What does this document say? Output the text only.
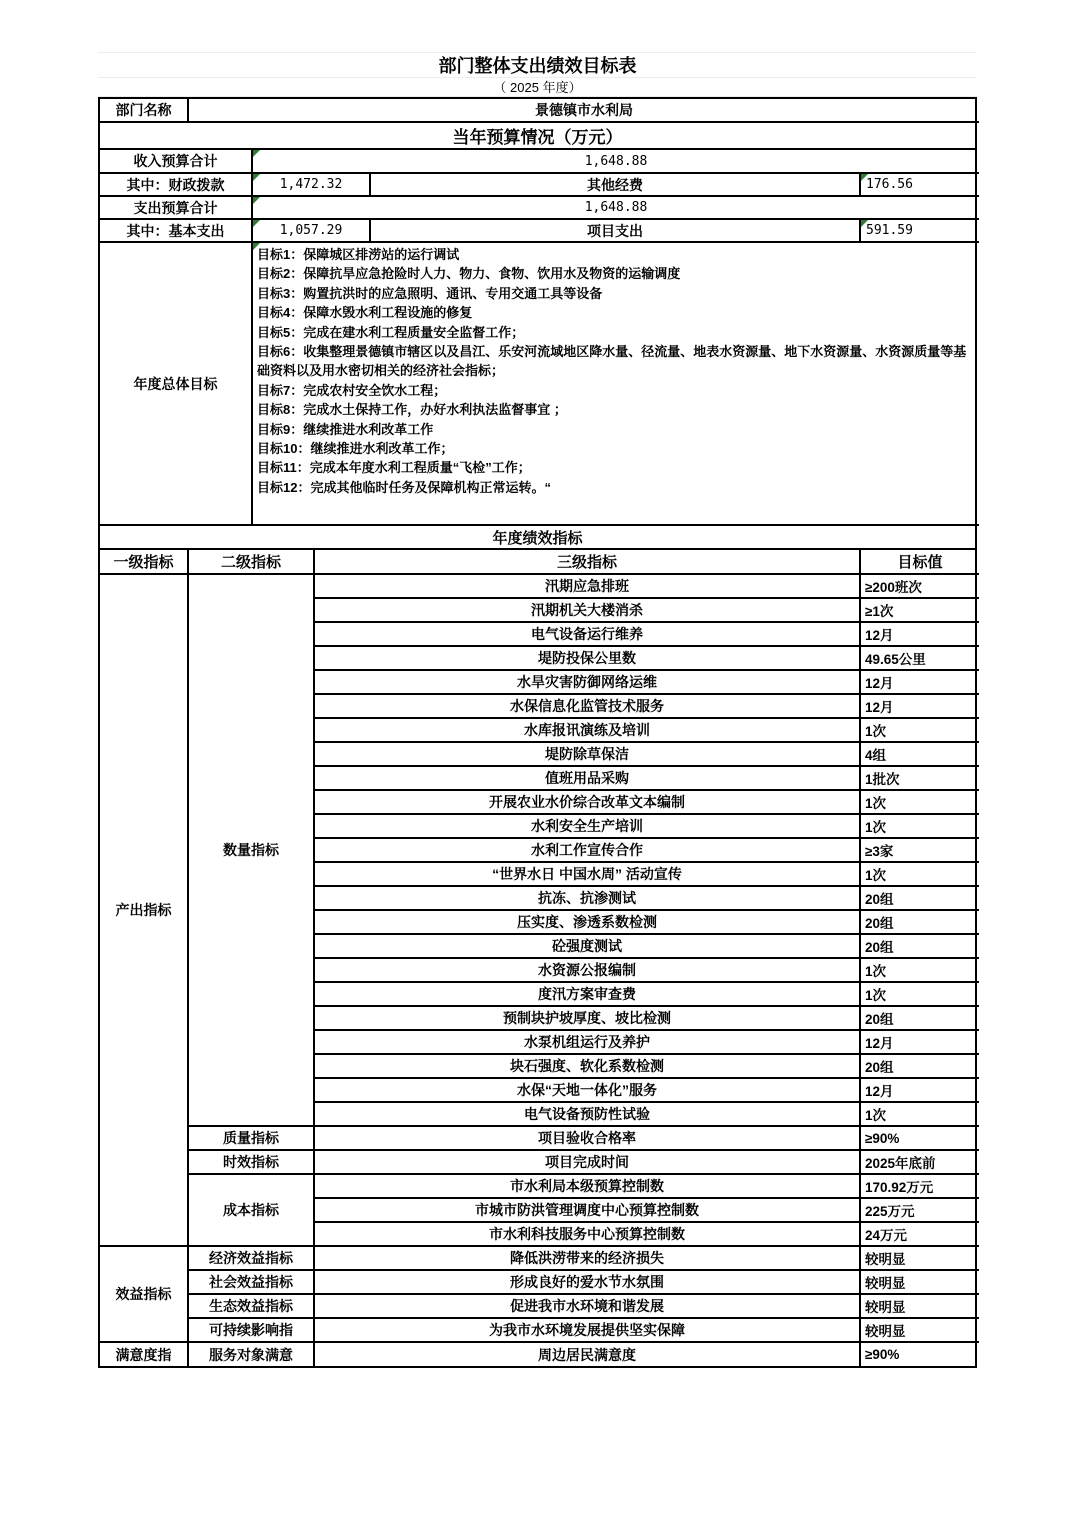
部门整体支出绩效目标表
（ 2025 年度）
部门名称	景德镇市水利局
当年预算情况（万元）
收入预算合计	1,648.88		
其中：财政拨款	1,472.32	其他经费	176.56
支出预算合计	1,648.88		
其中：基本支出	1,057.29	项目支出	591.59
年度总体目标	
目标1：保障城区排涝站的运行调试
目标2：保障抗旱应急抢险时人力、物力、食物、饮用水及物资的运输调度
目标3：购置抗洪时的应急照明、通讯、专用交通工具等设备
目标4：保障水毁水利工程设施的修复
目标5：完成在建水利工程质量安全监督工作；
目标6：收集整理景德镇市辖区以及昌江、乐安河流域地区降水量、径流量、地表水资源量、地下水资源量、水资源质量等基础资料以及用水密切相关的经济社会指标；
目标7：完成农村安全饮水工程；
目标8：完成水土保持工作，办好水利执法监督事宜 ；
目标9：继续推进水利改革工作
目标10：继续推进水利改革工作；
目标11：完成本年度水利工程质量“飞检”工作；
目标12：完成其他临时任务及保障机构正常运转。“
年度绩效指标
一级指标	二级指标	三级指标	目标值
产出指标	数量指标	汛期应急排班	≥200班次
		汛期机关大楼消杀	≥1次
		电气设备运行维养	12月
		堤防投保公里数	49.65公里
		水旱灾害防御网络运维	12月
		水保信息化监管技术服务	12月
		水库报讯演练及培训	1次
		堤防除草保洁	4组
		值班用品采购	1批次
		开展农业水价综合改革文本编制	1次
		水利安全生产培训	1次
		水利工作宣传合作	≥3家
		“世界水日 中国水周” 活动宣传	1次
		抗冻、抗渗测试	20组
		压实度、渗透系数检测	20组
		砼强度测试	20组
		水资源公报编制	1次
		度汛方案审查费	1次
		预制块护坡厚度、坡比检测	20组
		水泵机组运行及养护	12月
		块石强度、软化系数检测	20组
		水保“天地一体化”服务	12月
		电气设备预防性试验	1次
	质量指标	项目验收合格率	≥90%
	时效指标	项目完成时间	2025年底前
	成本指标	市水利局本级预算控制数	170.92万元
		市城市防洪管理调度中心预算控制数	225万元
		市水利科技服务中心预算控制数	24万元
效益指标	经济效益指标	降低洪涝带来的经济损失	较明显
	社会效益指标	形成良好的爱水节水氛围	较明显
	生态效益指标	促进我市水环境和谐发展	较明显
	可持续影响指	为我市水环境发展提供坚实保障	较明显
满意度指	服务对象满意	周边居民满意度	≥90%
